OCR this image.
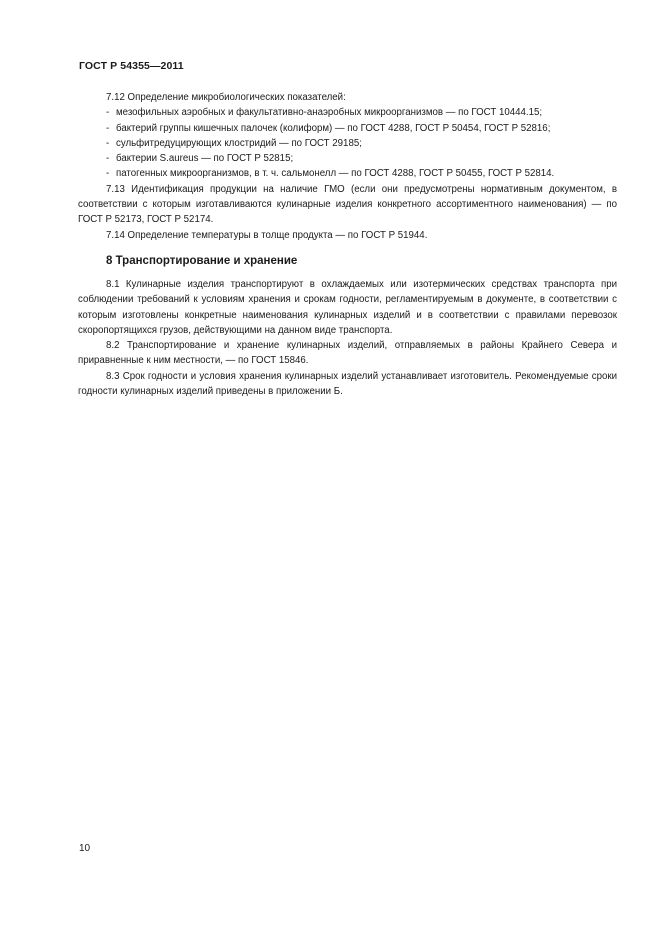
ГОСТ Р 54355—2011

7.12 Определение микробиологических показателей:

- мезофильных аэробных и факультативно-анаэробных микроорганизмов — по ГОСТ 10444.15;
- бактерий группы кишечных палочек (колиформ) — по ГОСТ 4288, ГОСТ Р 50454, ГОСТ Р 52816;
- сульфитредуцирующих клостридий — по ГОСТ 29185;
- бактерии S.aureus — по ГОСТ Р 52815;
- патогенных микроорганизмов, в т. ч. сальмонелл — по ГОСТ 4288, ГОСТ Р 50455, ГОСТ Р 52814.

7.13 Идентификация продукции на наличие ГМО (если они предусмотрены нормативным документом, в соответствии с которым изготавливаются кулинарные изделия конкретного ассортиментного наименования) — по ГОСТ Р 52173, ГОСТ Р 52174.

7.14 Определение температуры в толще продукта — по ГОСТ Р 51944.

8 Транспортирование и хранение

8.1 Кулинарные изделия транспортируют в охлаждаемых или изотермических средствах транспорта при соблюдении требований к условиям хранения и срокам годности, регламентируемым в документе, в соответствии с которым изготовлены конкретные наименования кулинарных изделий и в соответствии с правилами перевозок скоропортящихся грузов, действующими на данном виде транспорта.

8.2 Транспортирование и хранение кулинарных изделий, отправляемых в районы Крайнего Севера и приравненные к ним местности, — по ГОСТ 15846.

8.3 Срок годности и условия хранения кулинарных изделий устанавливает изготовитель. Рекомендуемые сроки годности кулинарных изделий приведены в приложении Б.

10
